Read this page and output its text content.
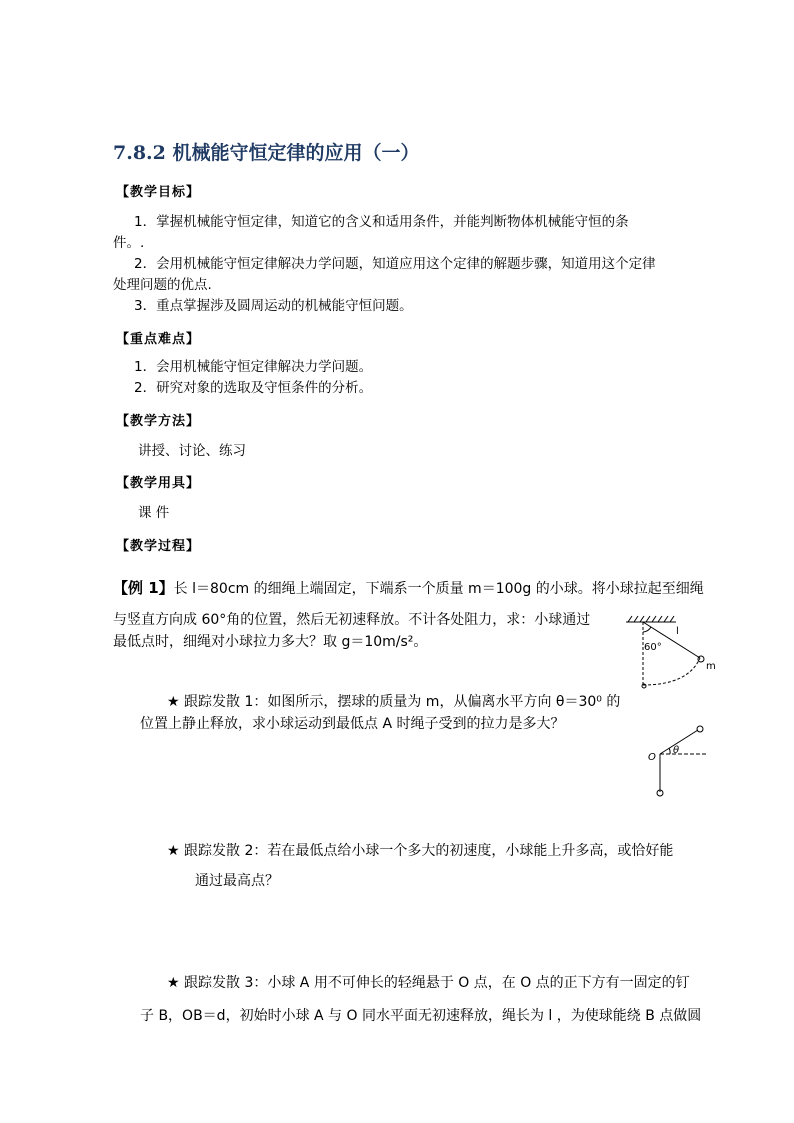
7.8.2 机械能守恒定律的应用（一）
【教学目标】
1．掌握机械能守恒定律，知道它的含义和适用条件，并能判断物体机械能守恒的条
件。.
2．会用机械能守恒定律解决力学问题，知道应用这个定律的解题步骤，知道用这个定律
处理问题的优点.
3．重点掌握涉及圆周运动的机械能守恒问题。
【重点难点】
1．会用机械能守恒定律解决力学问题。
2．研究对象的选取及守恒条件的分析。
【教学方法】
讲授、讨论、练习
【教学用具】
课 件
【教学过程】
【例 1】长 l＝80cm 的细绳上端固定，下端系一个质量 m＝100g 的小球。将小球拉起至细绳
与竖直方向成 60°角的位置，然后无初速释放。不计各处阻力，求：小球通过
最低点时，细绳对小球拉力多大？取 g＝10m/s²。	60°
l
m
★ 跟踪发散 1：如图所示，摆球的质量为 m，从偏离水平方向 θ＝30⁰ 的
位置上静止释放，求小球运动到最低点 A 时绳子受到的拉力是多大？
O
θ
★ 跟踪发散 2：若在最低点给小球一个多大的初速度，小球能上升多高，或恰好能
通过最高点？
★ 跟踪发散 3：小球 A 用不可伸长的轻绳悬于 O 点，在 O 点的正下方有一固定的钉
子 B，OB＝d，初始时小球 A 与 O 同水平面无初速释放，绳长为 l ，为使球能绕 B 点做圆
